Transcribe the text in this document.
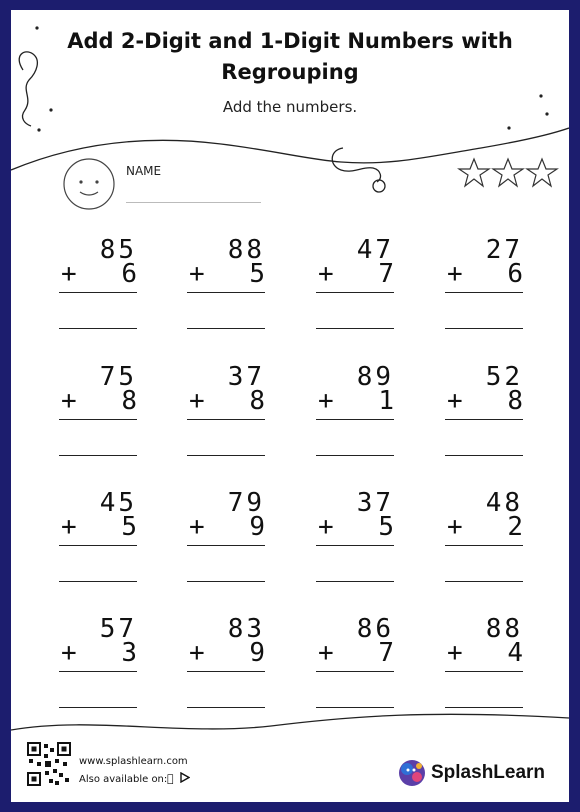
Add 2-Digit and 1-Digit Numbers with
Regrouping
Add the numbers.
NAME
85
+ 6
88
+ 5
47
+ 7
27
+ 6
75
+ 8
37
+ 8
89
+ 1
52
+ 8
45
+ 5
79
+ 9
37
+ 5
48
+ 2
57
+ 3
83
+ 9
86
+ 7
88
+ 4
www.splashlearn.com
Also available on:	SplashLearn
